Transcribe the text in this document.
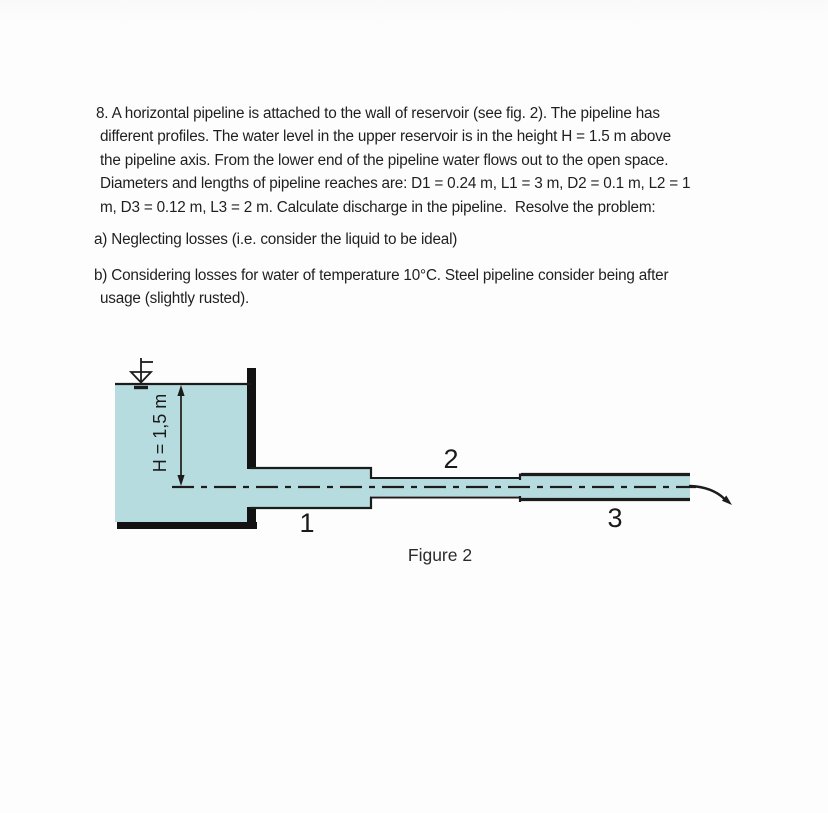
8. A horizontal pipeline is attached to the wall of reservoir (see fig. 2). The pipeline has
different profiles. The water level in the upper reservoir is in the height H = 1.5 m above
the pipeline axis. From the lower end of the pipeline water flows out to the open space.
Diameters and lengths of pipeline reaches are: D1 = 0.24 m, L1 = 3 m, D2 = 0.1 m, L2 = 1
m, D3 = 0.12 m, L3 = 2 m. Calculate discharge in the pipeline.  Resolve the problem:
a) Neglecting losses (i.e. consider the liquid to be ideal)
b) Considering losses for water of temperature 10°C. Steel pipeline consider being after
usage (slightly rusted).
H = 1,5 m
1
2
3
Figure 2
